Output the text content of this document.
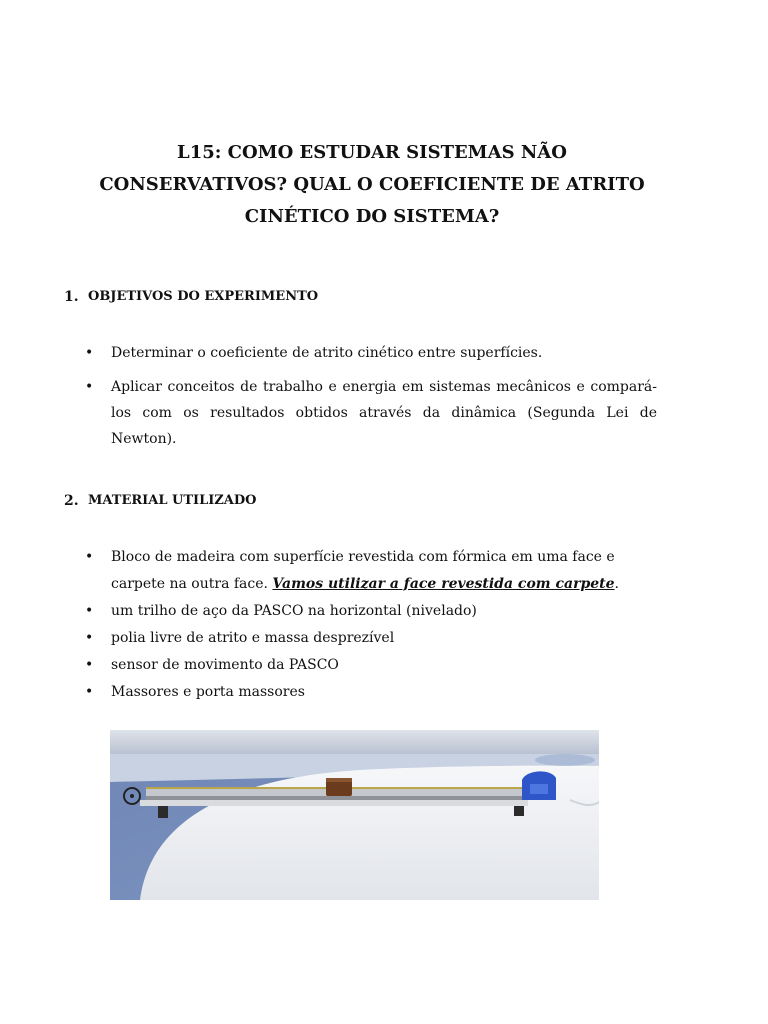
L15: COMO ESTUDAR SISTEMAS NÃO
CONSERVATIVOS? QUAL O COEFICIENTE DE ATRITO
CINÉTICO DO SISTEMA?
1. OBJETIVOS DO EXPERIMENTO
• Determinar o coeficiente de atrito cinético entre superfícies.
• Aplicar conceitos de trabalho e energia em sistemas mecânicos e compará-los com os resultados obtidos através da dinâmica (Segunda Lei de Newton).
2. MATERIAL UTILIZADO
• Bloco de madeira com superfície revestida com fórmica em uma face e carpete na outra face. Vamos utilizar a face revestida com carpete.
• um trilho de aço da PASCO na horizontal (nivelado)
• polia livre de atrito e massa desprezível
• sensor de movimento da PASCO
• Massores e porta massores
